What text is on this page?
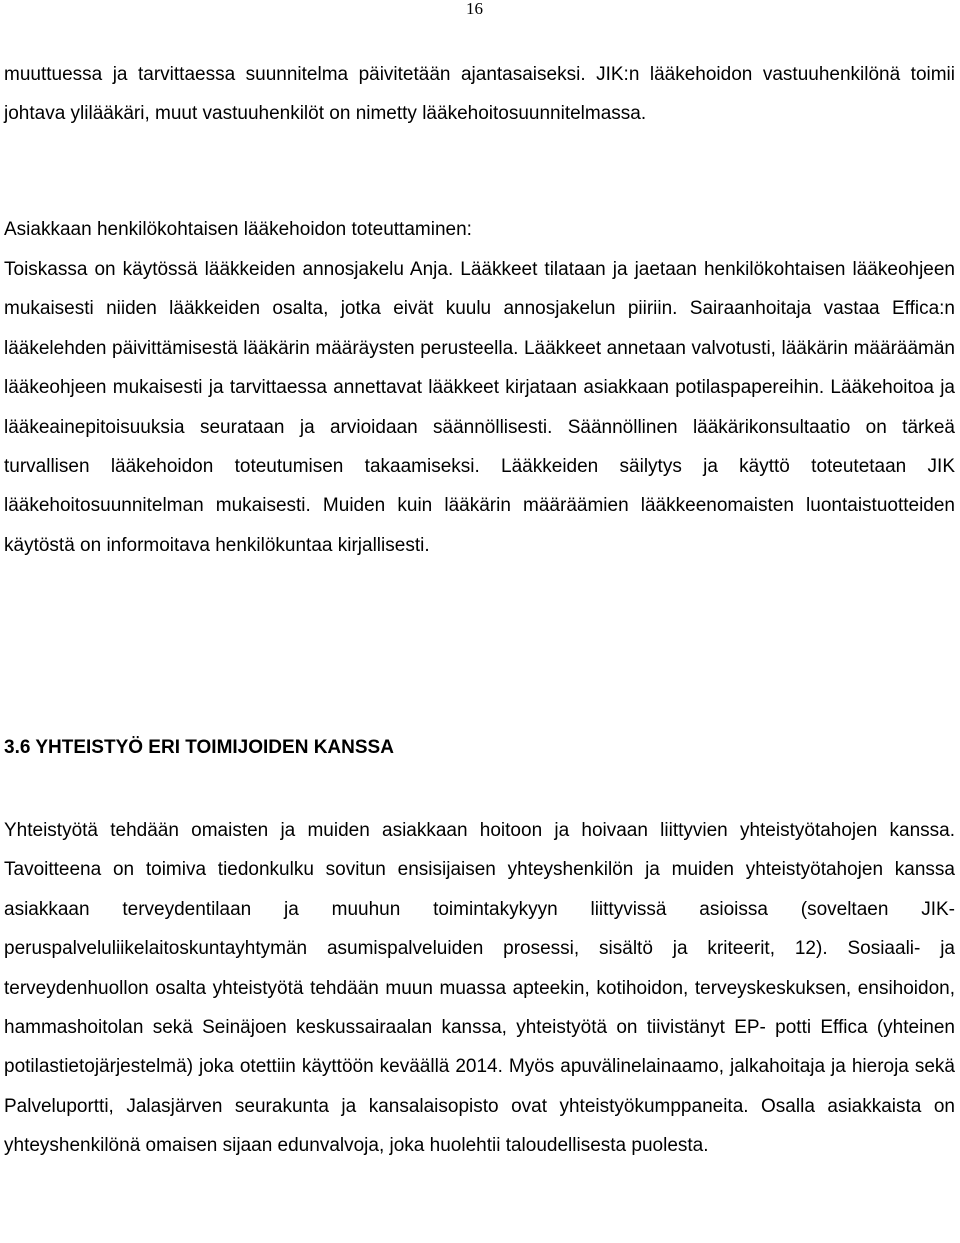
16

muuttuessa ja tarvittaessa suunnitelma päivitetään ajantasaiseksi. JIK:n lääkehoidon vastuuhenkilönä toimii johtava ylilääkäri, muut vastuuhenkilöt on nimetty lääkehoitosuunnitelmassa.

Asiakkaan henkilökohtaisen lääkehoidon toteuttaminen:

Toiskassa on käytössä lääkkeiden annosjakelu Anja. Lääkkeet tilataan ja jaetaan henkilökohtaisen lääkeohjeen mukaisesti niiden lääkkeiden osalta, jotka eivät kuulu annosjakelun piiriin. Sairaanhoitaja vastaa Effica:n lääkelehden päivittämisestä lääkärin määräysten perusteella. Lääkkeet annetaan valvotusti, lääkärin määräämän lääkeohjeen mukaisesti ja tarvittaessa annettavat lääkkeet kirjataan asiakkaan potilaspapereihin. Lääkehoitoa ja lääkeainepitoisuuksia seurataan ja arvioidaan säännöllisesti. Säännöllinen lääkärikonsultaatio on tärkeä turvallisen lääkehoidon toteutumisen takaamiseksi. Lääkkeiden säilytys ja käyttö toteutetaan JIK lääkehoitosuunnitelman mukaisesti. Muiden kuin lääkärin määräämien lääkkeenomaisten luontaistuotteiden käytöstä on informoitava henkilökuntaa kirjallisesti.

3.6 YHTEISTYÖ ERI TOIMIJOIDEN KANSSA

Yhteistyötä tehdään omaisten ja muiden asiakkaan hoitoon ja hoivaan liittyvien yhteistyötahojen kanssa. Tavoitteena on toimiva tiedonkulku sovitun ensisijaisen yhteyshenkilön ja muiden yhteistyötahojen kanssa asiakkaan terveydentilaan ja muuhun toimintakykyyn liittyvissä asioissa (soveltaen JIK-peruspalveluliikelaitoskuntayhtymän asumispalveluiden prosessi, sisältö ja kriteerit, 12). Sosiaali- ja terveydenhuollon osalta yhteistyötä tehdään muun muassa apteekin, kotihoidon, terveyskeskuksen, ensihoidon, hammashoitolan sekä Seinäjoen keskussairaalan kanssa, yhteistyötä on tiivistänyt EP- potti Effica (yhteinen potilastietojärjestelmä) joka otettiin käyttöön keväällä 2014. Myös apuvälinelainaamo, jalkahoitaja ja hieroja sekä Palveluportti, Jalasjärven seurakunta ja kansalaisopisto ovat yhteistyökumppaneita. Osalla asiakkaista on yhteyshenkilönä omaisen sijaan edunvalvoja, joka huolehtii taloudellisesta puolesta.
